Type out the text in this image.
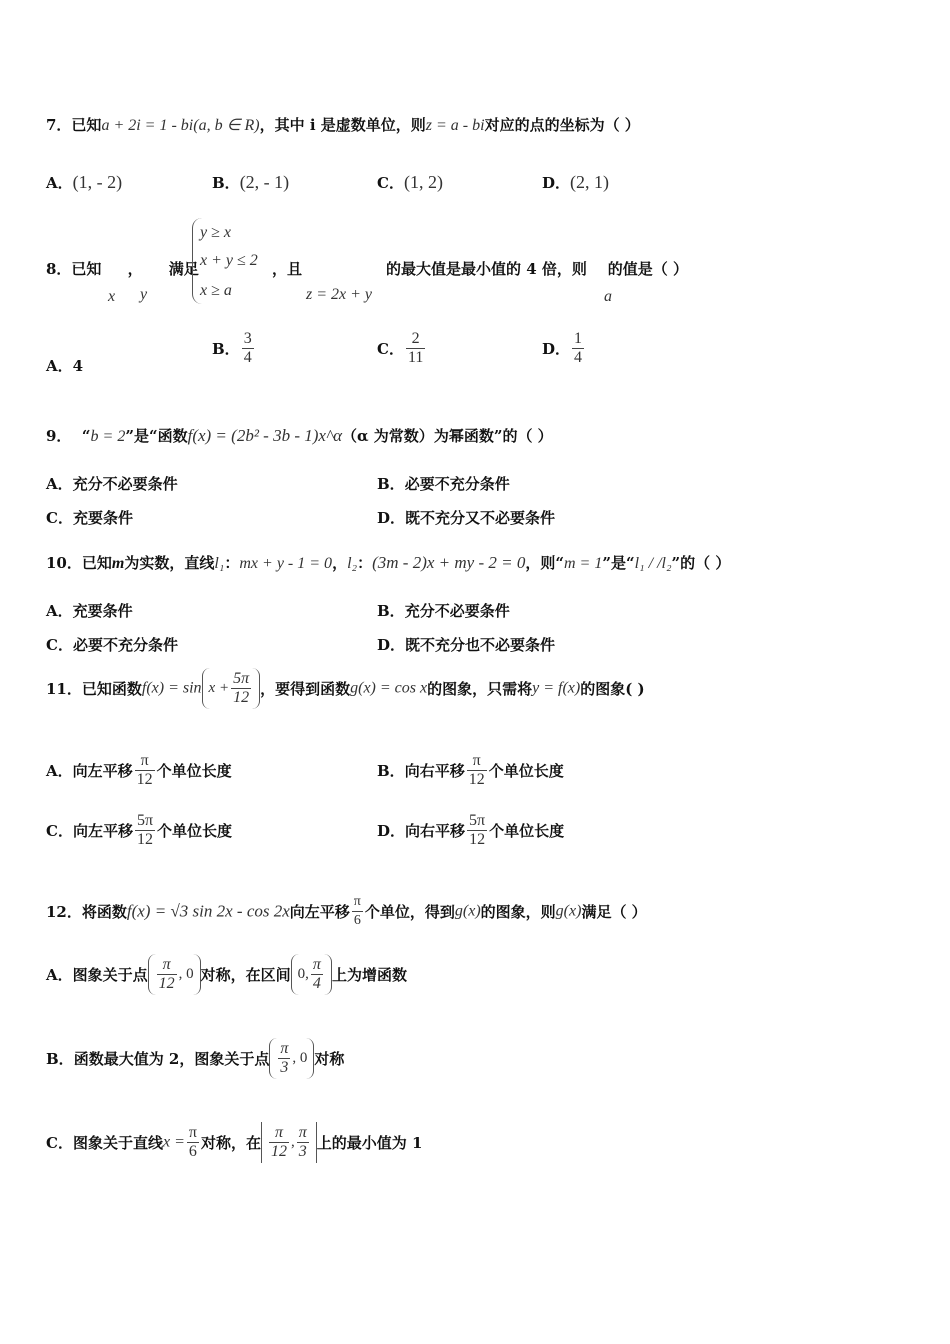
7．已知a + 2i = 1 - bi(a, b ∈ R)，其中 i 是虚数单位，则z = a - bi对应的点的坐标为（ ）
A．(1, - 2)	B．(2, - 1)	C．(1, 2)	D．(2, 1)
8．已知 ， 满足
x y
y ≥ x
x + y ≤ 2
x ≥ a
，且
z = 2x + y
的最大值是最小值的 4 倍，则 的值是（ ）
a
A．4
B． $\frac{3}{4}$	C． $\frac{2}{11}$	D． $\frac{1}{4}$
9． “b = 2”是“函数f(x) = (2b² - 3b - 1)x^α（α 为常数）为幂函数”的（ ）
A．充分不必要条件	B．必要不充分条件
C．充要条件	D．既不充分又不必要条件
10．已知m为实数，直线l₁：mx + y - 1 = 0，l₂：(3m - 2)x + my - 2 = 0，则“m = 1”是“l₁ / /l₂”的（ ）
A．充要条件	B．充分不必要条件
C．必要不充分条件	D．既不充分也不必要条件
11．已知函数$f(x) = \sin x + \frac{5\pi}{12}$ ，要得到函数g(x) = cos x的图象，只需将y = f(x)的图象( )
A．向左平移 $\frac{\pi}{12}$ 个单位长度	B．向右平移 $\frac{\pi}{12}$ 个单位长度
C．向左平移 $\frac{5\pi}{12}$ 个单位长度	D．向右平移 $\frac{5\pi}{12}$ 个单位长度
12．将函数f(x) = √3 sin 2x - cos 2x向左平移 $\frac{\pi}{6}$ 个单位，得到g(x)的图象，则g(x)满足（ ）
A．图象关于点 $\frac{\pi}{12}$ , 0 对称，在区间 0, $\frac{\pi}{4}$ 上为增函数
B．函数最大值为 2，图象关于点 $\frac{\pi}{3}$ , 0 对称
C．图象关于直线$x = \frac{\pi}{6}$ 对称，在 $\frac{\pi}{12}$ , $\frac{\pi}{3}$ 上的最小值为 1
